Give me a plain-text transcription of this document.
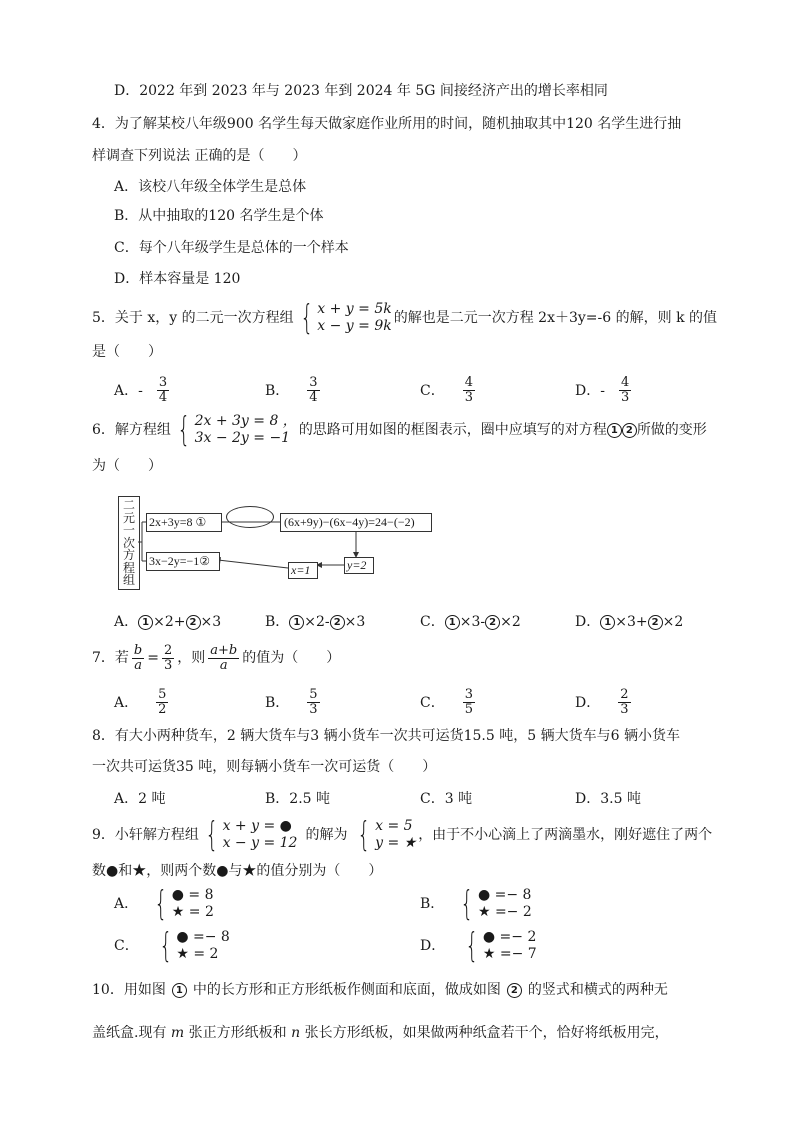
D．2022 年到 2023 年与 2023 年到 2024 年 5G 间接经济产出的增长率相同
4．为了解某校八年级900 名学生每天做家庭作业所用的时间，随机抽取其中120 名学生进行抽
样调查下列说法 正确的是（　　）
A．该校八年级全体学生是总体
B．从中抽取的120 名学生是个体
C．每个八年级学生是总体的一个样本
D．样本容量是 120
5．关于 x，y 的二元一次方程组 { x + y = 5k
x − y = 9k 的解也是二元一次方程 2x＋3y=-6 的解，则 k 的值
是（　　）
A．- $\frac{3}{4}$	B． $\frac{3}{4}$	C． $\frac{4}{3}$	D．- $\frac{4}{3}$
6．解方程组 { 2x + 3y = 8 ，
3x − 2y = −1 的思路可用如图的框图表示，圈中应填写的对方程 1 2 所做的变形
为（　　）
二
元
一
次
方
程
组
2x+3y=8 ①	(6x+9y)−(6x−4y)=24−(−2)
3x−2y=−1②	y=2
x=1
A． 1 ×2+ 2 ×3	B． 1 ×2- 2 ×3	C． 1 ×3- 2 ×2	D． 1 ×3+ 2 ×2
7．若 $\frac{b}{a} = \frac{2}{3}$ ，则 $\frac{a+b}{a}$ 的值为（　　）
A． $\frac{5}{2}$	B． $\frac{5}{3}$	C． $\frac{3}{5}$	D． $\frac{2}{3}$
8．有大小两种货车，2 辆大货车与3 辆小货车一次共可运货15.5 吨，5 辆大货车与6 辆小货车
一次共可运货35 吨，则每辆小货车一次可运货（　　）
A．2 吨	B．2.5 吨	C．3 吨	D．3.5 吨
9．小轩解方程组 { x + y = ●
x − y = 12 的解为 { x = 5
y = ★ ，由于不小心滴上了两滴墨水，刚好遮住了两个
数●和★，则两个数●与★的值分别为（　　）
A． { ● = 8
★ = 2	B． { ● =− 8
★ =− 2
C． { ● =− 8
★ = 2	D． { ● =− 2
★ =− 7
10．用如图	1 中的长方形和正方形纸板作侧面和底面，做成如图	2 的竖式和横式的两种无
盖纸盒.现有 m 张正方形纸板和 n 张长方形纸板，如果做两种纸盒若干个，恰好将纸板用完，
